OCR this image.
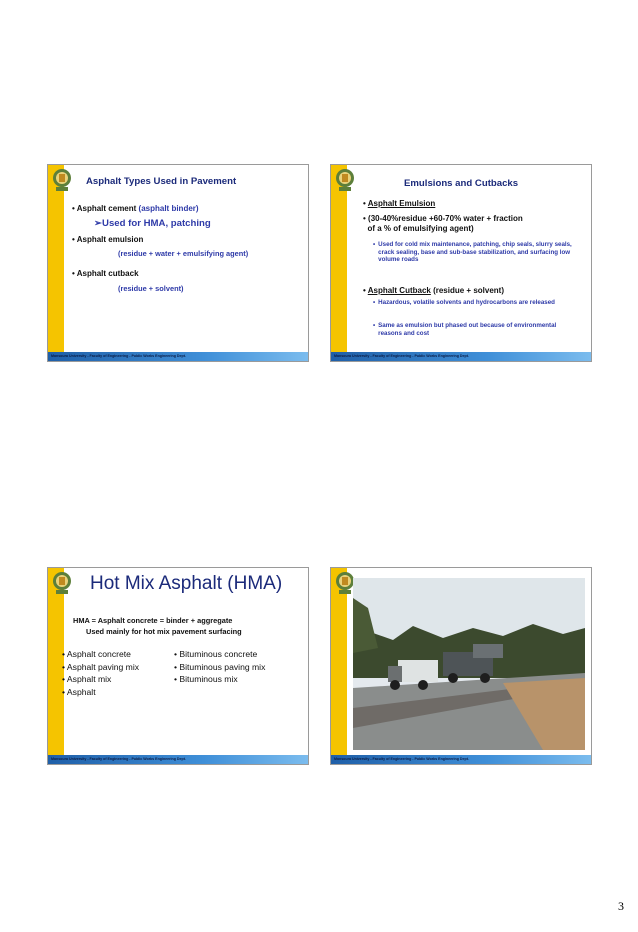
Asphalt Types Used in Pavement
• Asphalt cement (asphalt binder)
➢Used for HMA, patching
• Asphalt emulsion
(residue + water + emulsifying agent)
• Asphalt cutback
(residue + solvent)
Mansoura University - Faculty of Engineering - Public Works Engineering Dept.
Emulsions and Cutbacks
• Asphalt Emulsion
• (30-40%residue +60-70% water + fraction
of a % of emulsifying agent)
• Used for cold mix maintenance, patching, chip seals, slurry seals, crack sealing, base and sub-base stabilization, and surfacing low volume roads
• Asphalt Cutback (residue + solvent)
• Hazardous, volatile solvents and hydrocarbons are released
• Same as emulsion but phased out because of environmental reasons and cost
Mansoura University - Faculty of Engineering - Public Works Engineering Dept.
Hot Mix Asphalt (HMA)
HMA = Asphalt concrete = binder + aggregate
Used mainly for hot mix pavement surfacing
• Asphalt concrete
• Asphalt paving mix
• Asphalt mix
• Asphalt
• Bituminous concrete
• Bituminous paving mix
• Bituminous mix
Mansoura University - Faculty of Engineering - Public Works Engineering Dept.	Mansoura University - Faculty of Engineering - Public Works Engineering Dept.
3
